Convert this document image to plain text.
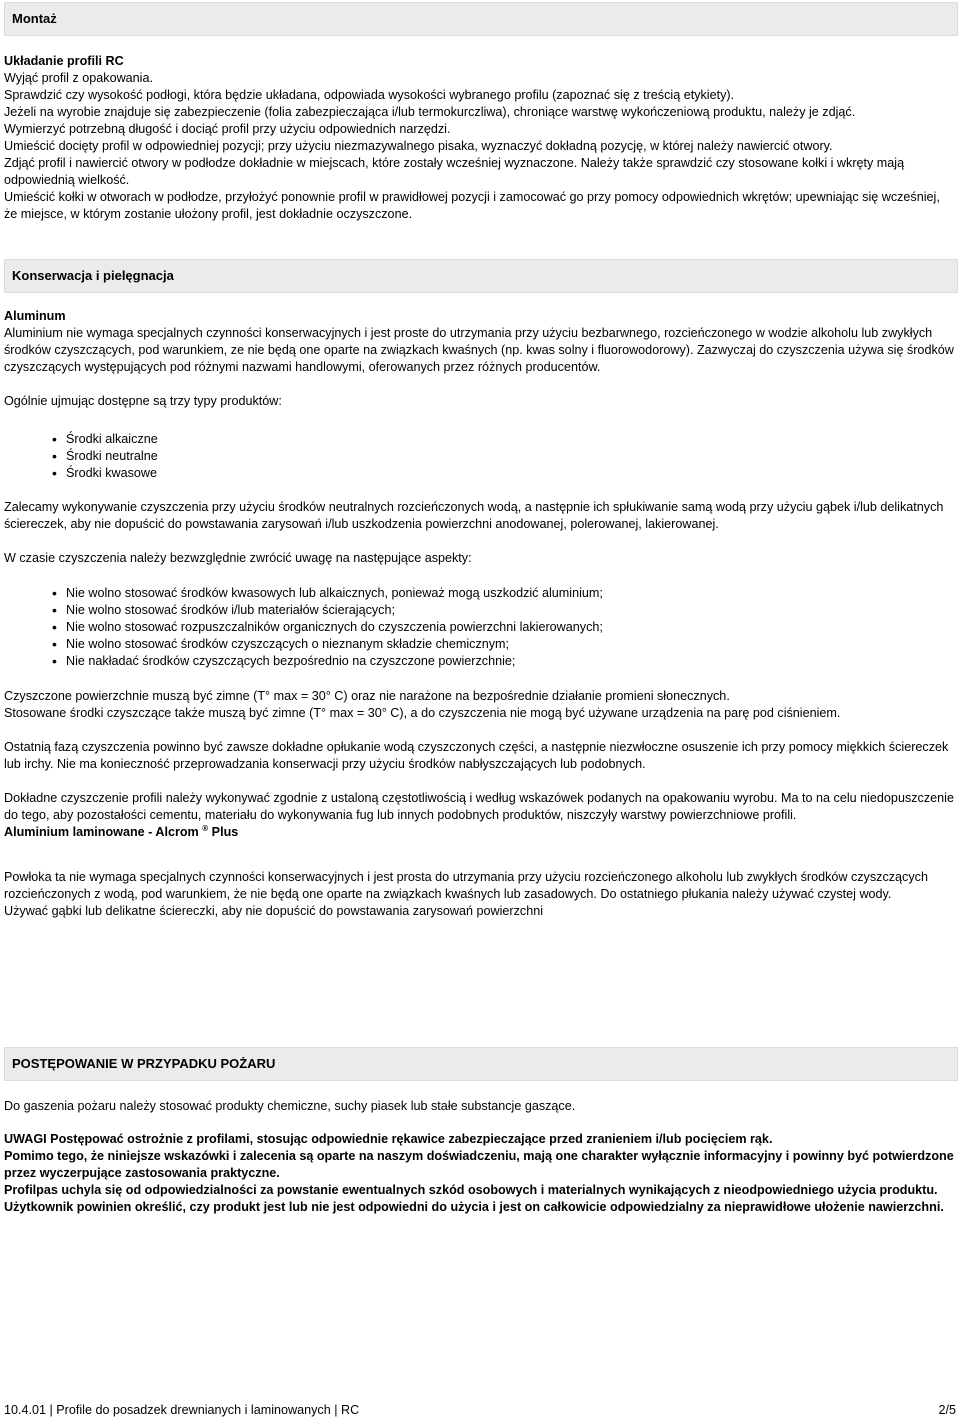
Montaż

Układanie profili RC

Wyjąć profil z opakowania.

Sprawdzić czy wysokość podłogi, która będzie układana, odpowiada wysokości wybranego profilu (zapoznać się z treścią etykiety).

Jeżeli na wyrobie znajduje się zabezpieczenie (folia zabezpieczająca i/lub termokurczliwa), chroniące warstwę wykończeniową produktu, należy je zdjąć.

Wymierzyć potrzebną długość i dociąć profil przy użyciu odpowiednich narzędzi.

Umieścić docięty profil w odpowiedniej pozycji; przy użyciu niezmazywalnego pisaka, wyznaczyć dokładną pozycję, w której należy nawiercić otwory.

Zdjąć profil i nawiercić otwory w podłodze dokładnie w miejscach, które zostały wcześniej wyznaczone. Należy także sprawdzić czy stosowane kołki i wkręty mają odpowiednią wielkość.

Umieścić kołki w otworach w podłodze, przyłożyć ponownie profil w prawidłowej pozycji i zamocować go przy pomocy odpowiednich wkrętów; upewniając się wcześniej, że miejsce, w którym zostanie ułożony profil, jest dokładnie oczyszczone.

Konserwacja i pielęgnacja

Aluminum

Aluminium nie wymaga specjalnych czynności konserwacyjnych i jest proste do utrzymania przy użyciu bezbarwnego, rozcieńczonego w wodzie alkoholu lub zwykłych środków czyszczących, pod warunkiem, ze nie będą one oparte na związkach kwaśnych (np. kwas solny i fluorowodorowy). Zazwyczaj do czyszczenia używa się środków czyszczących występujących pod różnymi nazwami handlowymi, oferowanych przez różnych producentów.

Ogólnie ujmując dostępne są trzy typy produktów:

• Środki alkaiczne
• Środki neutralne
• Środki kwasowe

Zalecamy wykonywanie czyszczenia przy użyciu środków neutralnych rozcieńczonych wodą, a następnie ich spłukiwanie samą wodą przy użyciu gąbek i/lub delikatnych ściereczek, aby nie dopuścić do powstawania zarysowań i/lub uszkodzenia powierzchni anodowanej, polerowanej, lakierowanej.

W czasie czyszczenia należy bezwzględnie zwrócić uwagę na następujące aspekty:

• Nie wolno stosować środków kwasowych lub alkaicznych, ponieważ mogą uszkodzić aluminium;
• Nie wolno stosować środków i/lub materiałów ścierających;
• Nie wolno stosować rozpuszczalników organicznych do czyszczenia powierzchni lakierowanych;
• Nie wolno stosować środków czyszczących o nieznanym składzie chemicznym;
• Nie nakładać środków czyszczących bezpośrednio na czyszczone powierzchnie;

Czyszczone powierzchnie muszą być zimne (T° max = 30° C) oraz nie narażone na bezpośrednie działanie promieni słonecznych.

Stosowane środki czyszczące także muszą być zimne (T° max = 30° C), a do czyszczenia nie mogą być używane urządzenia na parę pod ciśnieniem.

Ostatnią fazą czyszczenia powinno być zawsze dokładne opłukanie wodą czyszczonych części, a następnie niezwłoczne osuszenie ich przy pomocy miękkich ściereczek lub irchy. Nie ma konieczność przeprowadzania konserwacji przy użyciu środków nabłyszczających lub podobnych.

Dokładne czyszczenie profili należy wykonywać zgodnie z ustaloną częstotliwością i według wskazówek podanych na opakowaniu wyrobu. Ma to na celu niedopuszczenie do tego, aby pozostałości cementu, materiału do wykonywania fug lub innych podobnych produktów, niszczyły warstwy powierzchniowe profili.

Aluminium laminowane - Alcrom ® Plus

Powłoka ta nie wymaga specjalnych czynności konserwacyjnych i jest prosta do utrzymania przy użyciu rozcieńczonego alkoholu lub zwykłych środków czyszczących rozcieńczonych z wodą, pod warunkiem, że nie będą one oparte na związkach kwaśnych lub zasadowych. Do ostatniego płukania należy używać czystej wody.

Używać gąbki lub delikatne ściereczki, aby nie dopuścić do powstawania zarysowań powierzchni

POSTĘPOWANIE W PRZYPADKU POŻARU

Do gaszenia pożaru należy stosować produkty chemiczne, suchy piasek lub stałe substancje gaszące.

UWAGI Postępować ostrożnie z profilami, stosując odpowiednie rękawice zabezpieczające przed zranieniem i/lub pocięciem rąk.

Pomimo tego, że niniejsze wskazówki i zalecenia są oparte na naszym doświadczeniu, mają one charakter wyłącznie informacyjny i powinny być potwierdzone przez wyczerpujące zastosowania praktyczne.

Profilpas uchyla się od odpowiedzialności za powstanie ewentualnych szkód osobowych i materialnych wynikających z nieodpowiedniego użycia produktu.

Użytkownik powinien określić, czy produkt jest lub nie jest odpowiedni do użycia i jest on całkowicie odpowiedzialny za nieprawidłowe ułożenie nawierzchni.

10.4.01 | Profile do posadzek drewnianych i laminowanych | RC	2/5
